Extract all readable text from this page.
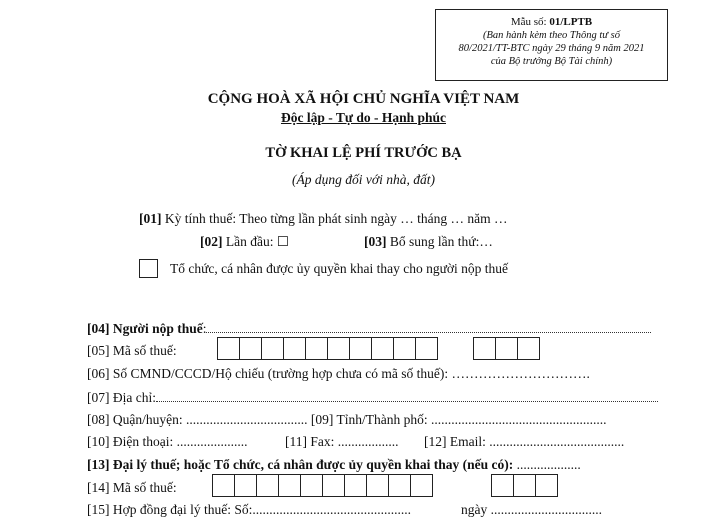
Mẫu số: 01/LPTB
(Ban hành kèm theo Thông tư số
80/2021/TT-BTC ngày 29 tháng 9 năm 2021
của Bộ trưởng Bộ Tài chính)
CỘNG HOÀ XÃ HỘI CHỦ NGHĨA VIỆT NAM
Độc lập - Tự do - Hạnh phúc
TỜ KHAI LỆ PHÍ TRƯỚC BẠ
(Áp dụng đối với nhà, đất)
[01] Kỳ tính thuế: Theo từng lần phát sinh ngày … tháng … năm …
[02] Lần đầu: ☐	[03] Bổ sung lần thứ:…
Tổ chức, cá nhân được ủy quyền khai thay cho người nộp thuế
[04] Người nộp thuế:
[05] Mã số thuế:
[06] Số CMND/CCCD/Hộ chiếu (trường hợp chưa có mã số thuế): ………………………….
[07] Địa chỉ:
[08] Quận/huyện: .................................... [09] Tỉnh/Thành phố: ....................................................
[10] Điện thoại: .....................	[11] Fax: .................. [12] Email: ........................................
[13] Đại lý thuế; hoặc Tổ chức, cá nhân được ủy quyền khai thay (nếu có): ...................
[14] Mã số thuế:
[15] Hợp đồng đại lý thuế: Số:...............................................	ngày .................................
